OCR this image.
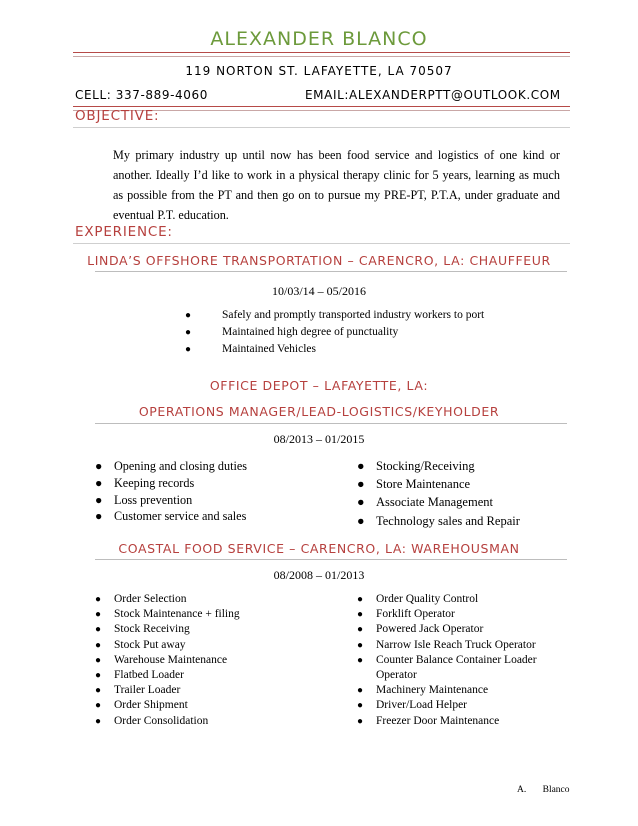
ALEXANDER BLANCO
119 NORTON ST. LAFAYETTE, LA 70507
CELL: 337-889-4060	EMAIL:ALEXANDERPTT@OUTLOOK.COM
OBJECTIVE:
My primary industry up until now has been food service and logistics of one kind or another. Ideally I’d like to work in a physical therapy clinic for 5 years, learning as much as possible from the PT and then go on to pursue my PRE-PT, P.T.A, under graduate and eventual P.T. education.
EXPERIENCE:
LINDA’S OFFSHORE TRANSPORTATION – CARENCRO, LA: CHAUFFEUR
10/03/14 – 05/2016
●	Safely and promptly transported industry workers to port
●	Maintained high degree of punctuality
●	Maintained Vehicles
OFFICE DEPOT – LAFAYETTE, LA:
OPERATIONS MANAGER/LEAD-LOGISTICS/KEYHOLDER
08/2013 – 01/2015
● Opening and closing duties
● Keeping records
● Loss prevention
● Customer service and sales
● Stocking/Receiving
● Store Maintenance
● Associate Management
● Technology sales and Repair
COASTAL FOOD SERVICE – CARENCRO, LA: WAREHOUSMAN
08/2008 – 01/2013
● Order Selection
● Stock Maintenance + filing
● Stock Receiving
● Stock Put away
● Warehouse Maintenance
● Flatbed Loader
● Trailer Loader
● Order Shipment
● Order Consolidation
● Order Quality Control
● Forklift Operator
● Powered Jack Operator
● Narrow Isle Reach Truck Operator
● Counter Balance Container Loader
Operator
● Machinery Maintenance
● Driver/Load Helper
● Freezer Door Maintenance
A. Blanco
